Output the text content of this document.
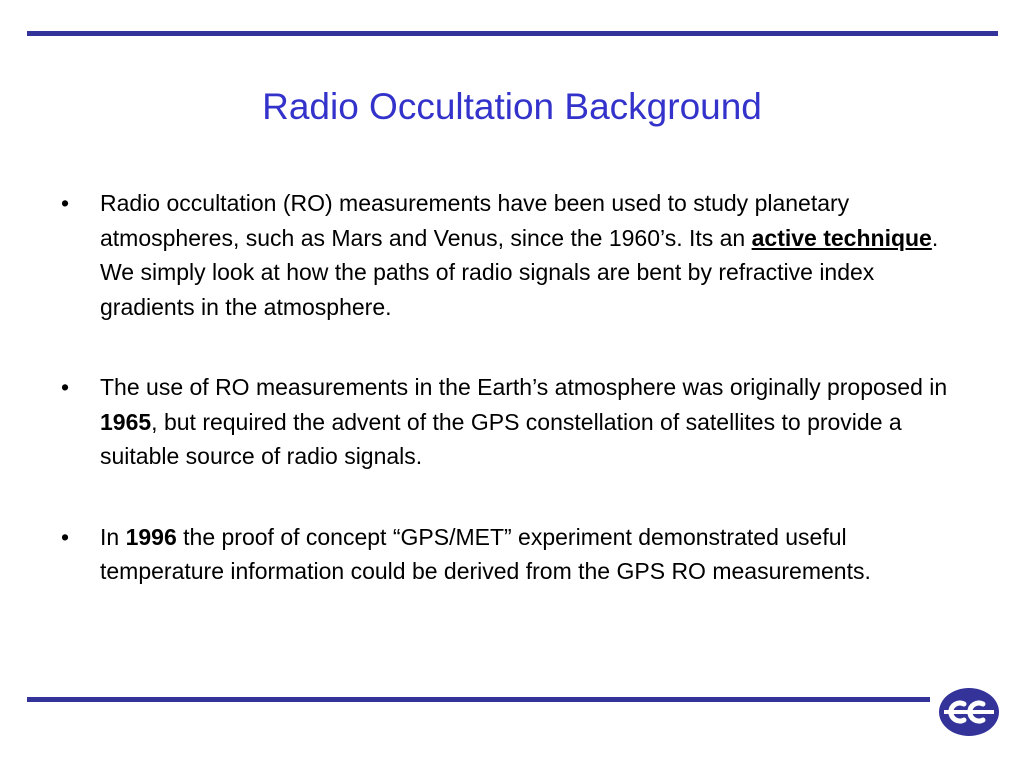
Radio Occultation Background
• Radio occultation (RO) measurements have been used to study planetary atmospheres, such as Mars and Venus, since the 1960’s. Its an active technique. We simply look at how the paths of radio signals are bent by refractive index gradients in the atmosphere.
• The use of RO measurements in the Earth’s atmosphere was originally proposed in 1965, but required the advent of the GPS constellation of satellites to provide a suitable source of radio signals.
• In 1996 the proof of concept “GPS/MET” experiment demonstrated useful temperature information could be derived from the GPS RO measurements.
